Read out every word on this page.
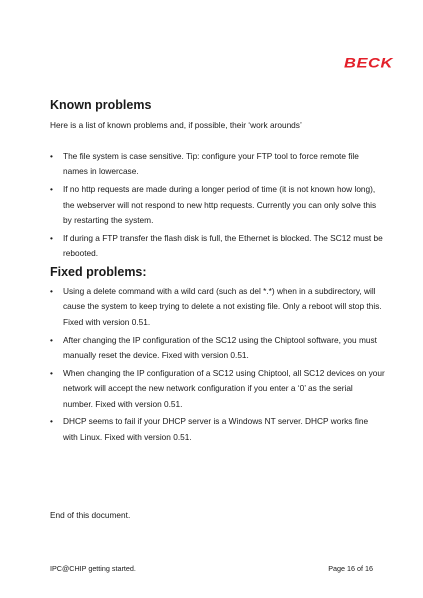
BECK
Known problems

Here is a list of known problems and, if possible, their ‘work arounds’

• The file system is case sensitive. Tip: configure your FTP tool to force remote file names in lowercase.
• If no http requests are made during a longer period of time (it is not known how long), the webserver will not respond to new http requests. Currently you can only solve this by restarting the system.
• If during a FTP transfer the flash disk is full, the Ethernet is blocked. The SC12 must be rebooted.
Fixed problems:
• Using a delete command with a wild card (such as del *.*) when in a subdirectory, will cause the system to keep trying to delete a not existing file. Only a reboot will stop this. Fixed with version 0.51.
• After changing the IP configuration of the SC12 using the Chiptool software, you must manually reset the device. Fixed with version 0.51.
• When changing the IP configuration of a SC12 using Chiptool, all SC12 devices on your network will accept the new network configuration if you enter a ‘0’ as the serial number. Fixed with version 0.51.
• DHCP seems to fail if your DHCP server is a Windows NT server. DHCP works fine with Linux. Fixed with version 0.51.

End of this document.

IPC@CHIP getting started.	Page 16 of 16
